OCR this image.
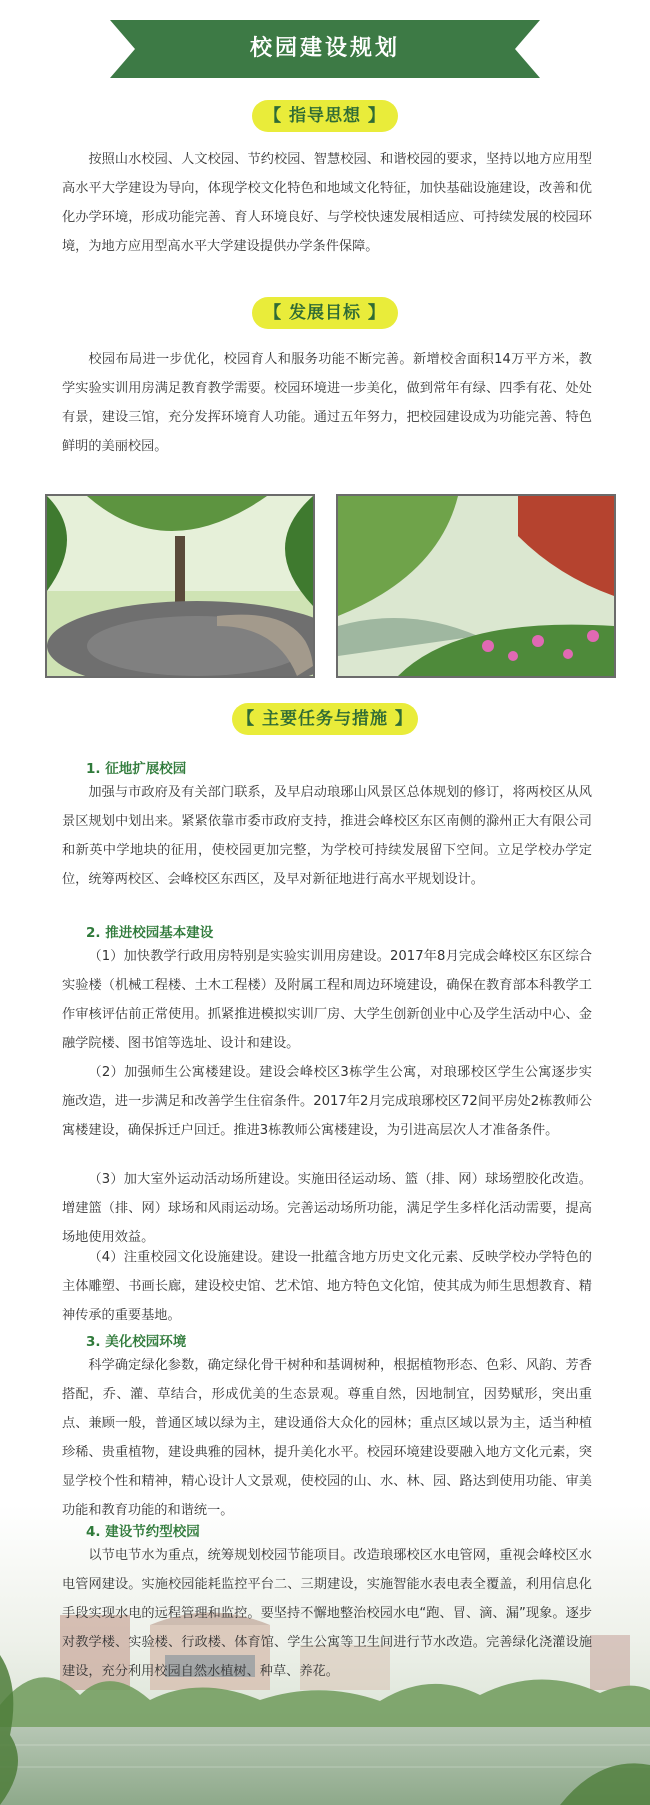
校园建设规划
【 指导思想 】

按照山水校园、人文校园、节约校园、智慧校园、和谐校园的要求，坚持以地方应用型高水平大学建设为导向，体现学校文化特色和地域文化特征，加快基础设施建设，改善和优化办学环境，形成功能完善、育人环境良好、与学校快速发展相适应、可持续发展的校园环境，为地方应用型高水平大学建设提供办学条件保障。

【 发展目标 】

校园布局进一步优化，校园育人和服务功能不断完善。新增校舍面积14万平方米，教学实验实训用房满足教育教学需要。校园环境进一步美化，做到常年有绿、四季有花、处处有景，建设三馆，充分发挥环境育人功能。通过五年努力，把校园建设成为功能完善、特色鲜明的美丽校园。

【 主要任务与措施 】
1. 征地扩展校园

加强与市政府及有关部门联系，及早启动琅琊山风景区总体规划的修订，将两校区从风景区规划中划出来。紧紧依靠市委市政府支持，推进会峰校区东区南侧的滁州正大有限公司和新英中学地块的征用，使校园更加完整，为学校可持续发展留下空间。立足学校办学定位，统筹两校区、会峰校区东西区，及早对新征地进行高水平规划设计。

2. 推进校园基本建设

（1）加快教学行政用房特别是实验实训用房建设。2017年8月完成会峰校区东区综合实验楼（机械工程楼、土木工程楼）及附属工程和周边环境建设，确保在教育部本科教学工作审核评估前正常使用。抓紧推进模拟实训厂房、大学生创新创业中心及学生活动中心、金融学院楼、图书馆等选址、设计和建设。

（2）加强师生公寓楼建设。建设会峰校区3栋学生公寓，对琅琊校区学生公寓逐步实施改造，进一步满足和改善学生住宿条件。2017年2月完成琅琊校区72间平房处2栋教师公寓楼建设，确保拆迁户回迁。推进3栋教师公寓楼建设，为引进高层次人才准备条件。

（3）加大室外运动活动场所建设。实施田径运动场、篮（排、网）球场塑胶化改造。增建篮（排、网）球场和风雨运动场。完善运动场所功能，满足学生多样化活动需要，提高场地使用效益。

（4）注重校园文化设施建设。建设一批蕴含地方历史文化元素、反映学校办学特色的主体雕塑、书画长廊，建设校史馆、艺术馆、地方特色文化馆，使其成为师生思想教育、精神传承的重要基地。

3. 美化校园环境

科学确定绿化参数，确定绿化骨干树种和基调树种，根据植物形态、色彩、风韵、芳香搭配，乔、灌、草结合，形成优美的生态景观。尊重自然，因地制宜，因势赋形，突出重点、兼顾一般，普通区域以绿为主，建设通俗大众化的园林；重点区域以景为主，适当种植珍稀、贵重植物，建设典雅的园林，提升美化水平。校园环境建设要融入地方文化元素，突显学校个性和精神，精心设计人文景观，使校园的山、水、林、园、路达到使用功能、审美功能和教育功能的和谐统一。

4. 建设节约型校园

以节电节水为重点，统筹规划校园节能项目。改造琅琊校区水电管网，重视会峰校区水电管网建设。实施校园能耗监控平台二、三期建设，实施智能水表电表全覆盖，利用信息化手段实现水电的远程管理和监控。要坚持不懈地整治校园水电“跑、冒、滴、漏”现象。逐步对教学楼、实验楼、行政楼、体育馆、学生公寓等卫生间进行节水改造。完善绿化浇灌设施建设，充分利用校园自然水植树、种草、养花。
